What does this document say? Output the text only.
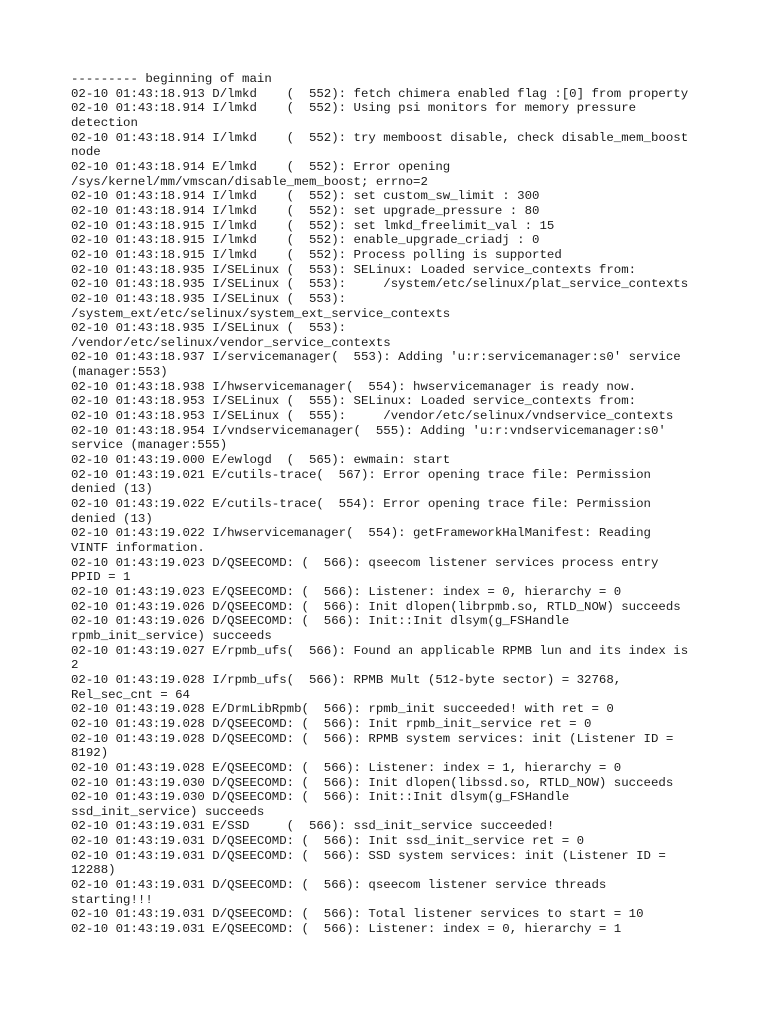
--------- beginning of main
02-10 01:43:18.913 D/lmkd    (  552): fetch chimera enabled flag :[0] from property
02-10 01:43:18.914 I/lmkd    (  552): Using psi monitors for memory pressure
detection
02-10 01:43:18.914 I/lmkd    (  552): try memboost disable, check disable_mem_boost
node
02-10 01:43:18.914 E/lmkd    (  552): Error opening
/sys/kernel/mm/vmscan/disable_mem_boost; errno=2
02-10 01:43:18.914 I/lmkd    (  552): set custom_sw_limit : 300
02-10 01:43:18.914 I/lmkd    (  552): set upgrade_pressure : 80
02-10 01:43:18.915 I/lmkd    (  552): set lmkd_freelimit_val : 15
02-10 01:43:18.915 I/lmkd    (  552): enable_upgrade_criadj : 0
02-10 01:43:18.915 I/lmkd    (  552): Process polling is supported
02-10 01:43:18.935 I/SELinux (  553): SELinux: Loaded service_contexts from:
02-10 01:43:18.935 I/SELinux (  553):     /system/etc/selinux/plat_service_contexts
02-10 01:43:18.935 I/SELinux (  553):
/system_ext/etc/selinux/system_ext_service_contexts
02-10 01:43:18.935 I/SELinux (  553):
/vendor/etc/selinux/vendor_service_contexts
02-10 01:43:18.937 I/servicemanager(  553): Adding 'u:r:servicemanager:s0' service
(manager:553)
02-10 01:43:18.938 I/hwservicemanager(  554): hwservicemanager is ready now.
02-10 01:43:18.953 I/SELinux (  555): SELinux: Loaded service_contexts from:
02-10 01:43:18.953 I/SELinux (  555):     /vendor/etc/selinux/vndservice_contexts
02-10 01:43:18.954 I/vndservicemanager(  555): Adding 'u:r:vndservicemanager:s0'
service (manager:555)
02-10 01:43:19.000 E/ewlogd  (  565): ewmain: start
02-10 01:43:19.021 E/cutils-trace(  567): Error opening trace file: Permission
denied (13)
02-10 01:43:19.022 E/cutils-trace(  554): Error opening trace file: Permission
denied (13)
02-10 01:43:19.022 I/hwservicemanager(  554): getFrameworkHalManifest: Reading
VINTF information.
02-10 01:43:19.023 D/QSEECOMD: (  566): qseecom listener services process entry
PPID = 1
02-10 01:43:19.023 E/QSEECOMD: (  566): Listener: index = 0, hierarchy = 0
02-10 01:43:19.026 D/QSEECOMD: (  566): Init dlopen(librpmb.so, RTLD_NOW) succeeds
02-10 01:43:19.026 D/QSEECOMD: (  566): Init::Init dlsym(g_FSHandle
rpmb_init_service) succeeds
02-10 01:43:19.027 E/rpmb_ufs(  566): Found an applicable RPMB lun and its index is
2
02-10 01:43:19.028 I/rpmb_ufs(  566): RPMB Mult (512-byte sector) = 32768,
Rel_sec_cnt = 64
02-10 01:43:19.028 E/DrmLibRpmb(  566): rpmb_init succeeded! with ret = 0
02-10 01:43:19.028 D/QSEECOMD: (  566): Init rpmb_init_service ret = 0
02-10 01:43:19.028 D/QSEECOMD: (  566): RPMB system services: init (Listener ID =
8192)
02-10 01:43:19.028 E/QSEECOMD: (  566): Listener: index = 1, hierarchy = 0
02-10 01:43:19.030 D/QSEECOMD: (  566): Init dlopen(libssd.so, RTLD_NOW) succeeds
02-10 01:43:19.030 D/QSEECOMD: (  566): Init::Init dlsym(g_FSHandle
ssd_init_service) succeeds
02-10 01:43:19.031 E/SSD     (  566): ssd_init_service succeeded!
02-10 01:43:19.031 D/QSEECOMD: (  566): Init ssd_init_service ret = 0
02-10 01:43:19.031 D/QSEECOMD: (  566): SSD system services: init (Listener ID =
12288)
02-10 01:43:19.031 D/QSEECOMD: (  566): qseecom listener service threads
starting!!!
02-10 01:43:19.031 D/QSEECOMD: (  566): Total listener services to start = 10
02-10 01:43:19.031 E/QSEECOMD: (  566): Listener: index = 0, hierarchy = 1
